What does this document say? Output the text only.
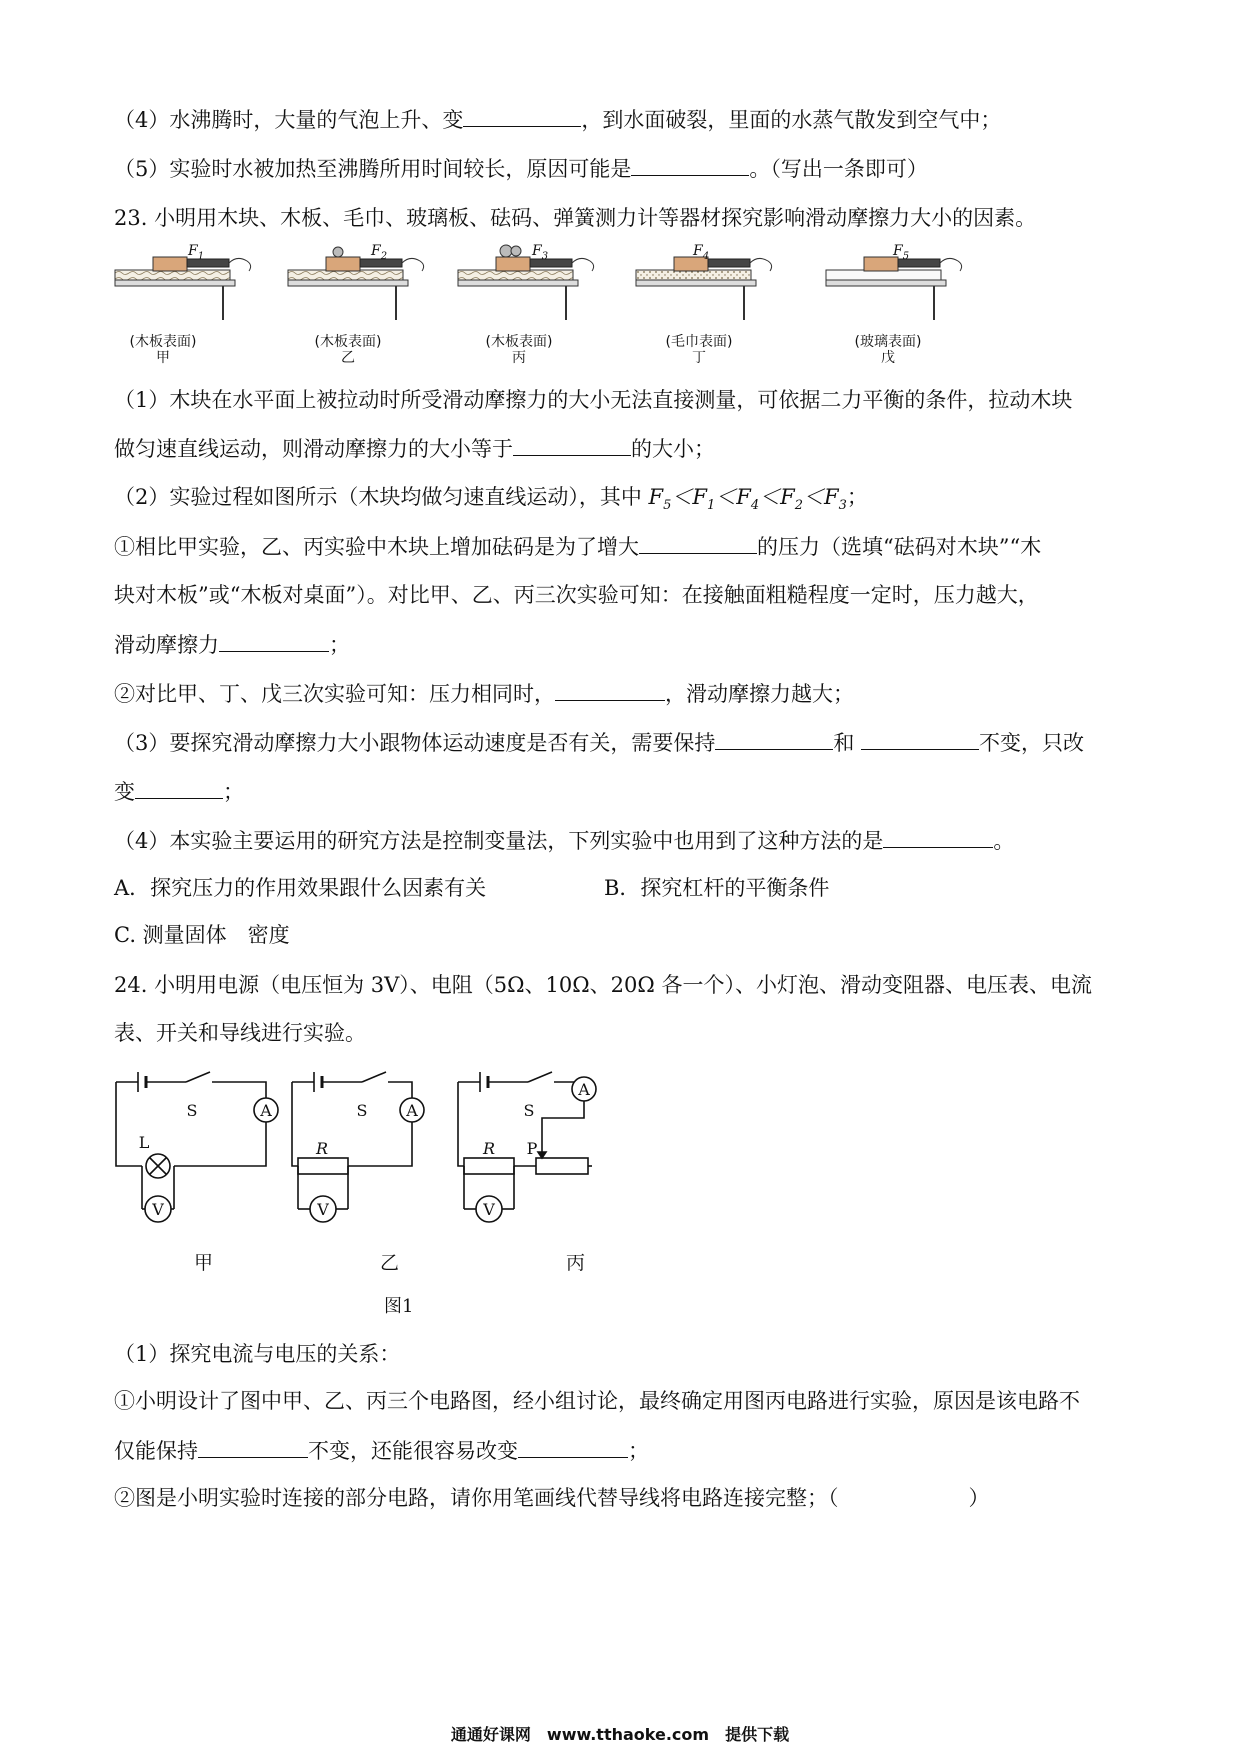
（4）水沸腾时，大量的气泡上升、变	，到水面破裂，里面的水蒸气散发到空气中；
（5）实验时水被加热至沸腾所用时间较长，原因可能是	。（写出一条即可）
23. 小明用木块、木板、毛巾、玻璃板、砝码、弹簧测力计等器材探究影响滑动摩擦力大小的因素。
$F_1$	$F_2$	$F_3$	$F_4$	$F_5$
(木板表面)
甲
(木板表面)
乙
(木板表面)
丙
(毛巾表面)
丁
(玻璃表面)
戊
（1）木块在水平面上被拉动时所受滑动摩擦力的大小无法直接测量，可依据二力平衡的条件，拉动木块
做匀速直线运动，则滑动摩擦力的大小等于	的大小；
（2）实验过程如图所示（木块均做匀速直线运动），其中 $F_5<F_1<F_4<F_2<F_3$；
①相比甲实验，乙、丙实验中木块上增加砝码是为了增大	的压力（选填“砝码对木块”“木
块对木板”或“木板对桌面”）。对比甲、乙、丙三次实验可知：在接触面粗糙程度一定时，压力越大，
滑动摩擦力	；
②对比甲、丁、戊三次实验可知：压力相同时，	，滑动摩擦力越大；
（3）要探究滑动摩擦力大小跟物体运动速度是否有关，需要保持	和	不变，只改
变	；
（4）本实验主要运用的研究方法是控制变量法，下列实验中也用到了这种方法的是	。
A．探究压力的作用效果跟什么因素有关	B．探究杠杆的平衡条件
C. 测量固体　密度
24. 小明用电源（电压恒为 3V）、电阻（5Ω、10Ω、20Ω 各一个）、小灯泡、滑动变阻器、电压表、电流
表、开关和导线进行实验。
A
V
S
L
A
V
S
R
A
V
S
R P
甲	乙	丙
图1
（1）探究电流与电压的关系：
①小明设计了图中甲、乙、丙三个电路图，经小组讨论，最终确定用图丙电路进行实验，原因是该电路不
仅能保持	不变，还能很容易改变	；
②图是小明实验时连接的部分电路，请你用笔画线代替导线将电路连接完整；（	）
通通好课网　www.tthaoke.com　提供下载
